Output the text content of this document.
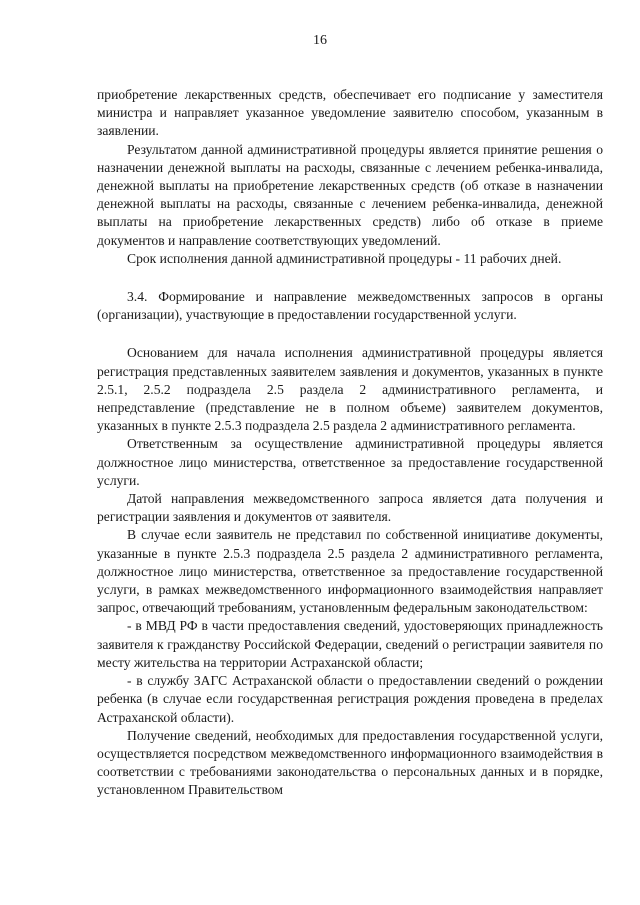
16

приобретение лекарственных средств, обеспечивает его подписание у заместителя министра и направляет указанное уведомление заявителю способом, указанным в заявлении.

Результатом данной административной процедуры является принятие решения о назначении денежной выплаты на расходы, связанные с лечением ребенка-инвалида, денежной выплаты на приобретение лекарственных средств (об отказе в назначении денежной выплаты на расходы, связанные с лечением ребенка-инвалида, денежной выплаты на приобретение лекарственных средств) либо об отказе в приеме документов и направление соответствующих уведомлений.

Срок исполнения данной административной процедуры - 11 рабочих дней.

3.4. Формирование и направление межведомственных запросов в органы (организации), участвующие в предоставлении государственной услуги.

Основанием для начала исполнения административной процедуры является регистрация представленных заявителем заявления и документов, указанных в пункте 2.5.1, 2.5.2 подраздела 2.5 раздела 2 административного регламента, и непредставление (представление не в полном объеме) заявителем документов, указанных в пункте 2.5.3 подраздела 2.5 раздела 2 административного регламента.

Ответственным за осуществление административной процедуры является должностное лицо министерства, ответственное за предоставление государственной услуги.

Датой направления межведомственного запроса является дата получения и регистрации заявления и документов от заявителя.

В случае если заявитель не представил по собственной инициативе документы, указанные в пункте 2.5.3 подраздела 2.5 раздела 2 административного регламента, должностное лицо министерства, ответственное за предоставление государственной услуги, в рамках межведомственного информационного взаимодействия направляет запрос, отвечающий требованиям, установленным федеральным законодательством:

- в МВД РФ в части предоставления сведений, удостоверяющих принадлежность заявителя к гражданству Российской Федерации, сведений о регистрации заявителя по месту жительства на территории Астраханской области;

- в службу ЗАГС Астраханской области о предоставлении сведений о рождении ребенка (в случае если государственная регистрация рождения проведена в пределах Астраханской области).

Получение сведений, необходимых для предоставления государственной услуги, осуществляется посредством межведомственного информационного взаимодействия в соответствии с требованиями законодательства о персональных данных и в порядке, установленном Правительством
